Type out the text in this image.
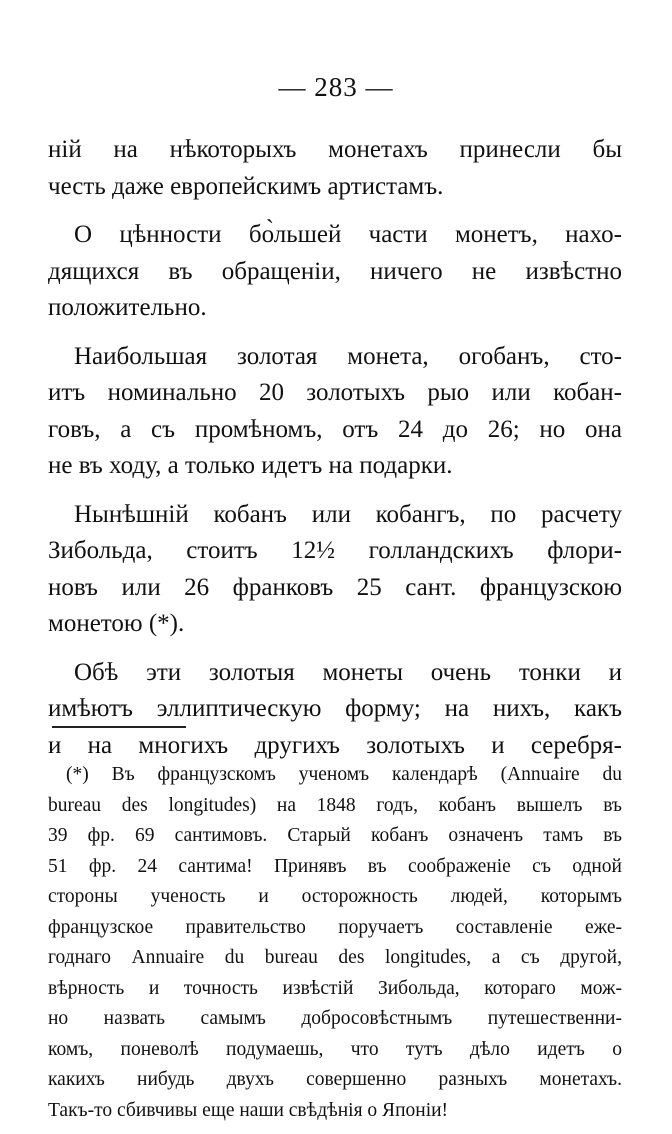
— 283 —

ній на нѣкоторыхъ монетахъ принесли бы
честь даже европейскимъ артистамъ.

О цѣнности бо̀льшей части монетъ, нахо-
дящихся въ обращеніи, ничего не извѣстно
положительно.

Наибольшая золотая монета, огобанъ, сто-
итъ номинально 20 золотыхъ рыо или кобан-
говъ, а съ промѣномъ, отъ 24 до 26; но она
не въ ходу, а только идетъ на подарки.

Нынѣшній кобанъ или кобангъ, по расчету
Зибольда, стоитъ 12½ голландскихъ флори-
новъ или 26 франковъ 25 сант. французскою
монетою (*).

Обѣ эти золотыя монеты очень тонки и
имѣютъ эллиптическую форму; на нихъ, какъ
и на многихъ другихъ золотыхъ и серебря-

(*) Въ французскомъ ученомъ календарѣ (Annuaire du
bureau des longitudes) на 1848 годъ, кобанъ вышелъ въ
39 фр. 69 сантимовъ. Старый кобанъ означенъ тамъ въ
51 фр. 24 сантима! Принявъ въ соображеніе съ одной
стороны ученость и осторожность людей, которымъ
французское правительство поручаетъ составленіе еже-
годнаго Annuaire du bureau des longitudes, а съ другой,
вѣрность и точность извѣстій Зибольда, котораго мож-
но назвать самымъ добросовѣстнымъ путешественни-
комъ, поневолѣ подумаешь, что тутъ дѣло идетъ о
какихъ нибудь двухъ совершенно разныхъ монетахъ.
Такъ-то сбивчивы еще наши свѣдѣнія о Японіи!
